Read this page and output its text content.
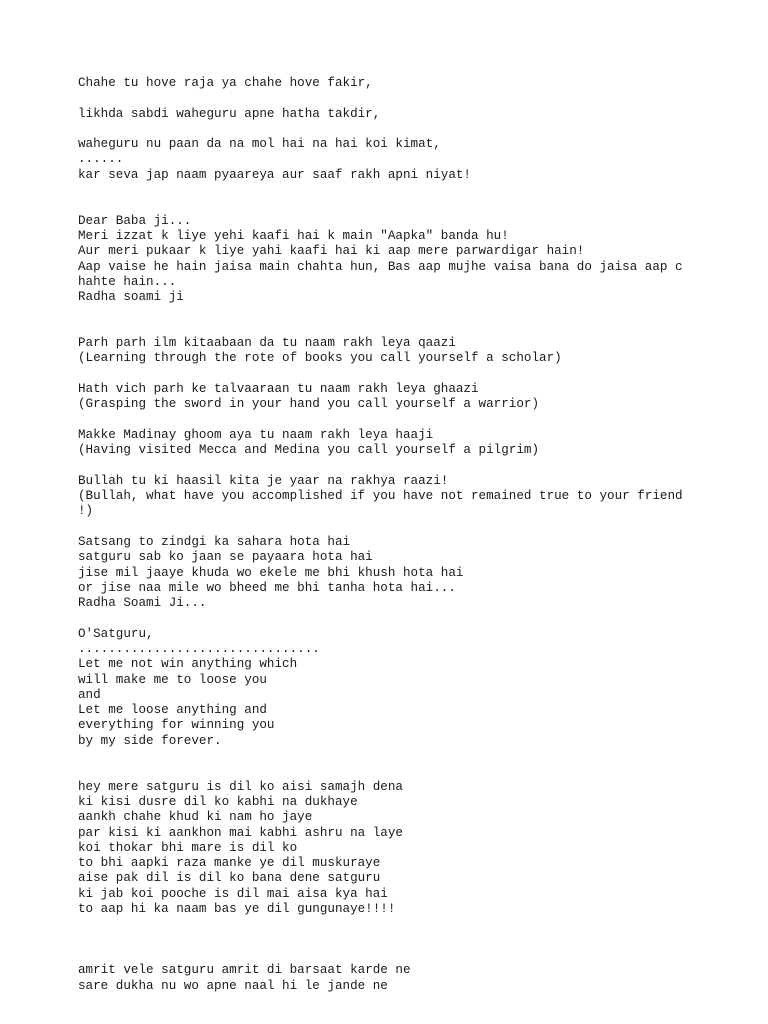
Chahe tu hove raja ya chahe hove fakir,

likhda sabdi waheguru apne hatha takdir,

waheguru nu paan da na mol hai na hai koi kimat,
......
kar seva jap naam pyaareya aur saaf rakh apni niyat!

Dear Baba ji...
Meri izzat k liye yehi kaafi hai k main "Aapka" banda hu!
Aur meri pukaar k liye yahi kaafi hai ki aap mere parwardigar hain!
Aap vaise he hain jaisa main chahta hun, Bas aap mujhe vaisa bana do jaisa aap c
hahte hain...
Radha soami ji

Parh parh ilm kitaabaan da tu naam rakh leya qaazi
(Learning through the rote of books you call yourself a scholar)

Hath vich parh ke talvaaraan tu naam rakh leya ghaazi
(Grasping the sword in your hand you call yourself a warrior)

Makke Madinay ghoom aya tu naam rakh leya haaji
(Having visited Mecca and Medina you call yourself a pilgrim)

Bullah tu ki haasil kita je yaar na rakhya raazi!
(Bullah, what have you accomplished if you have not remained true to your friend
!)

Satsang to zindgi ka sahara hota hai
satguru sab ko jaan se payaara hota hai
jise mil jaaye khuda wo ekele me bhi khush hota hai
or jise naa mile wo bheed me bhi tanha hota hai...
Radha Soami Ji...

O'Satguru,
................................
Let me not win anything which
will make me to loose you
and
Let me loose anything and
everything for winning you
by my side forever.

hey mere satguru is dil ko aisi samajh dena
ki kisi dusre dil ko kabhi na dukhaye
aankh chahe khud ki nam ho jaye
par kisi ki aankhon mai kabhi ashru na laye
koi thokar bhi mare is dil ko
to bhi aapki raza manke ye dil muskuraye
aise pak dil is dil ko bana dene satguru
ki jab koi pooche is dil mai aisa kya hai
to aap hi ka naam bas ye dil gungunaye!!!!

amrit vele satguru amrit di barsaat karde ne
sare dukha nu wo apne naal hi le jande ne
